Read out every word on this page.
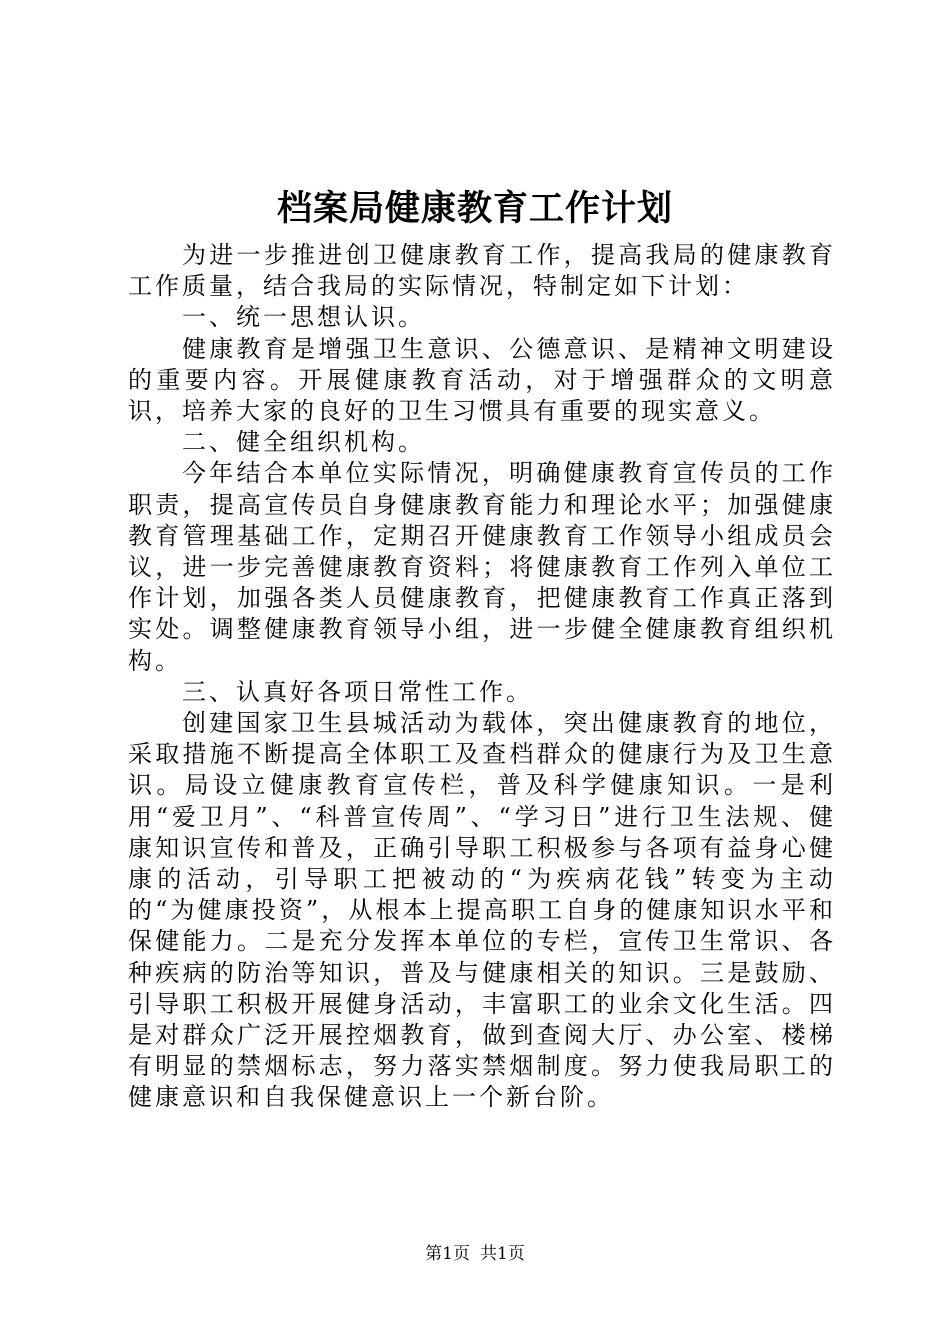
档案局健康教育工作计划

为进一步推进创卫健康教育工作，提高我局的健康教育工作质量，结合我局的实际情况，特制定如下计划：

一、统一思想认识。

健康教育是增强卫生意识、公德意识、是精神文明建设的重要内容。开展健康教育活动，对于增强群众的文明意识，培养大家的良好的卫生习惯具有重要的现实意义。

二、健全组织机构。

今年结合本单位实际情况，明确健康教育宣传员的工作职责，提高宣传员自身健康教育能力和理论水平；加强健康教育管理基础工作，定期召开健康教育工作领导小组成员会议，进一步完善健康教育资料；将健康教育工作列入单位工作计划，加强各类人员健康教育，把健康教育工作真正落到实处。调整健康教育领导小组，进一步健全健康教育组织机构。

三、认真好各项日常性工作。

创建国家卫生县城活动为载体，突出健康教育的地位，采取措施不断提高全体职工及查档群众的健康行为及卫生意识。局设立健康教育宣传栏，普及科学健康知识。一是利用“爱卫月”、“科普宣传周”、“学习日”进行卫生法规、健康知识宣传和普及，正确引导职工积极参与各项有益身心健康的活动，引导职工把被动的“为疾病花钱”转变为主动的“为健康投资”，从根本上提高职工自身的健康知识水平和保健能力。二是充分发挥本单位的专栏，宣传卫生常识、各种疾病的防治等知识，普及与健康相关的知识。三是鼓励、引导职工积极开展健身活动，丰富职工的业余文化生活。四是对群众广泛开展控烟教育，做到查阅大厅、办公室、楼梯有明显的禁烟标志，努力落实禁烟制度。努力使我局职工的健康意识和自我保健意识上一个新台阶。

第1页 共1页
